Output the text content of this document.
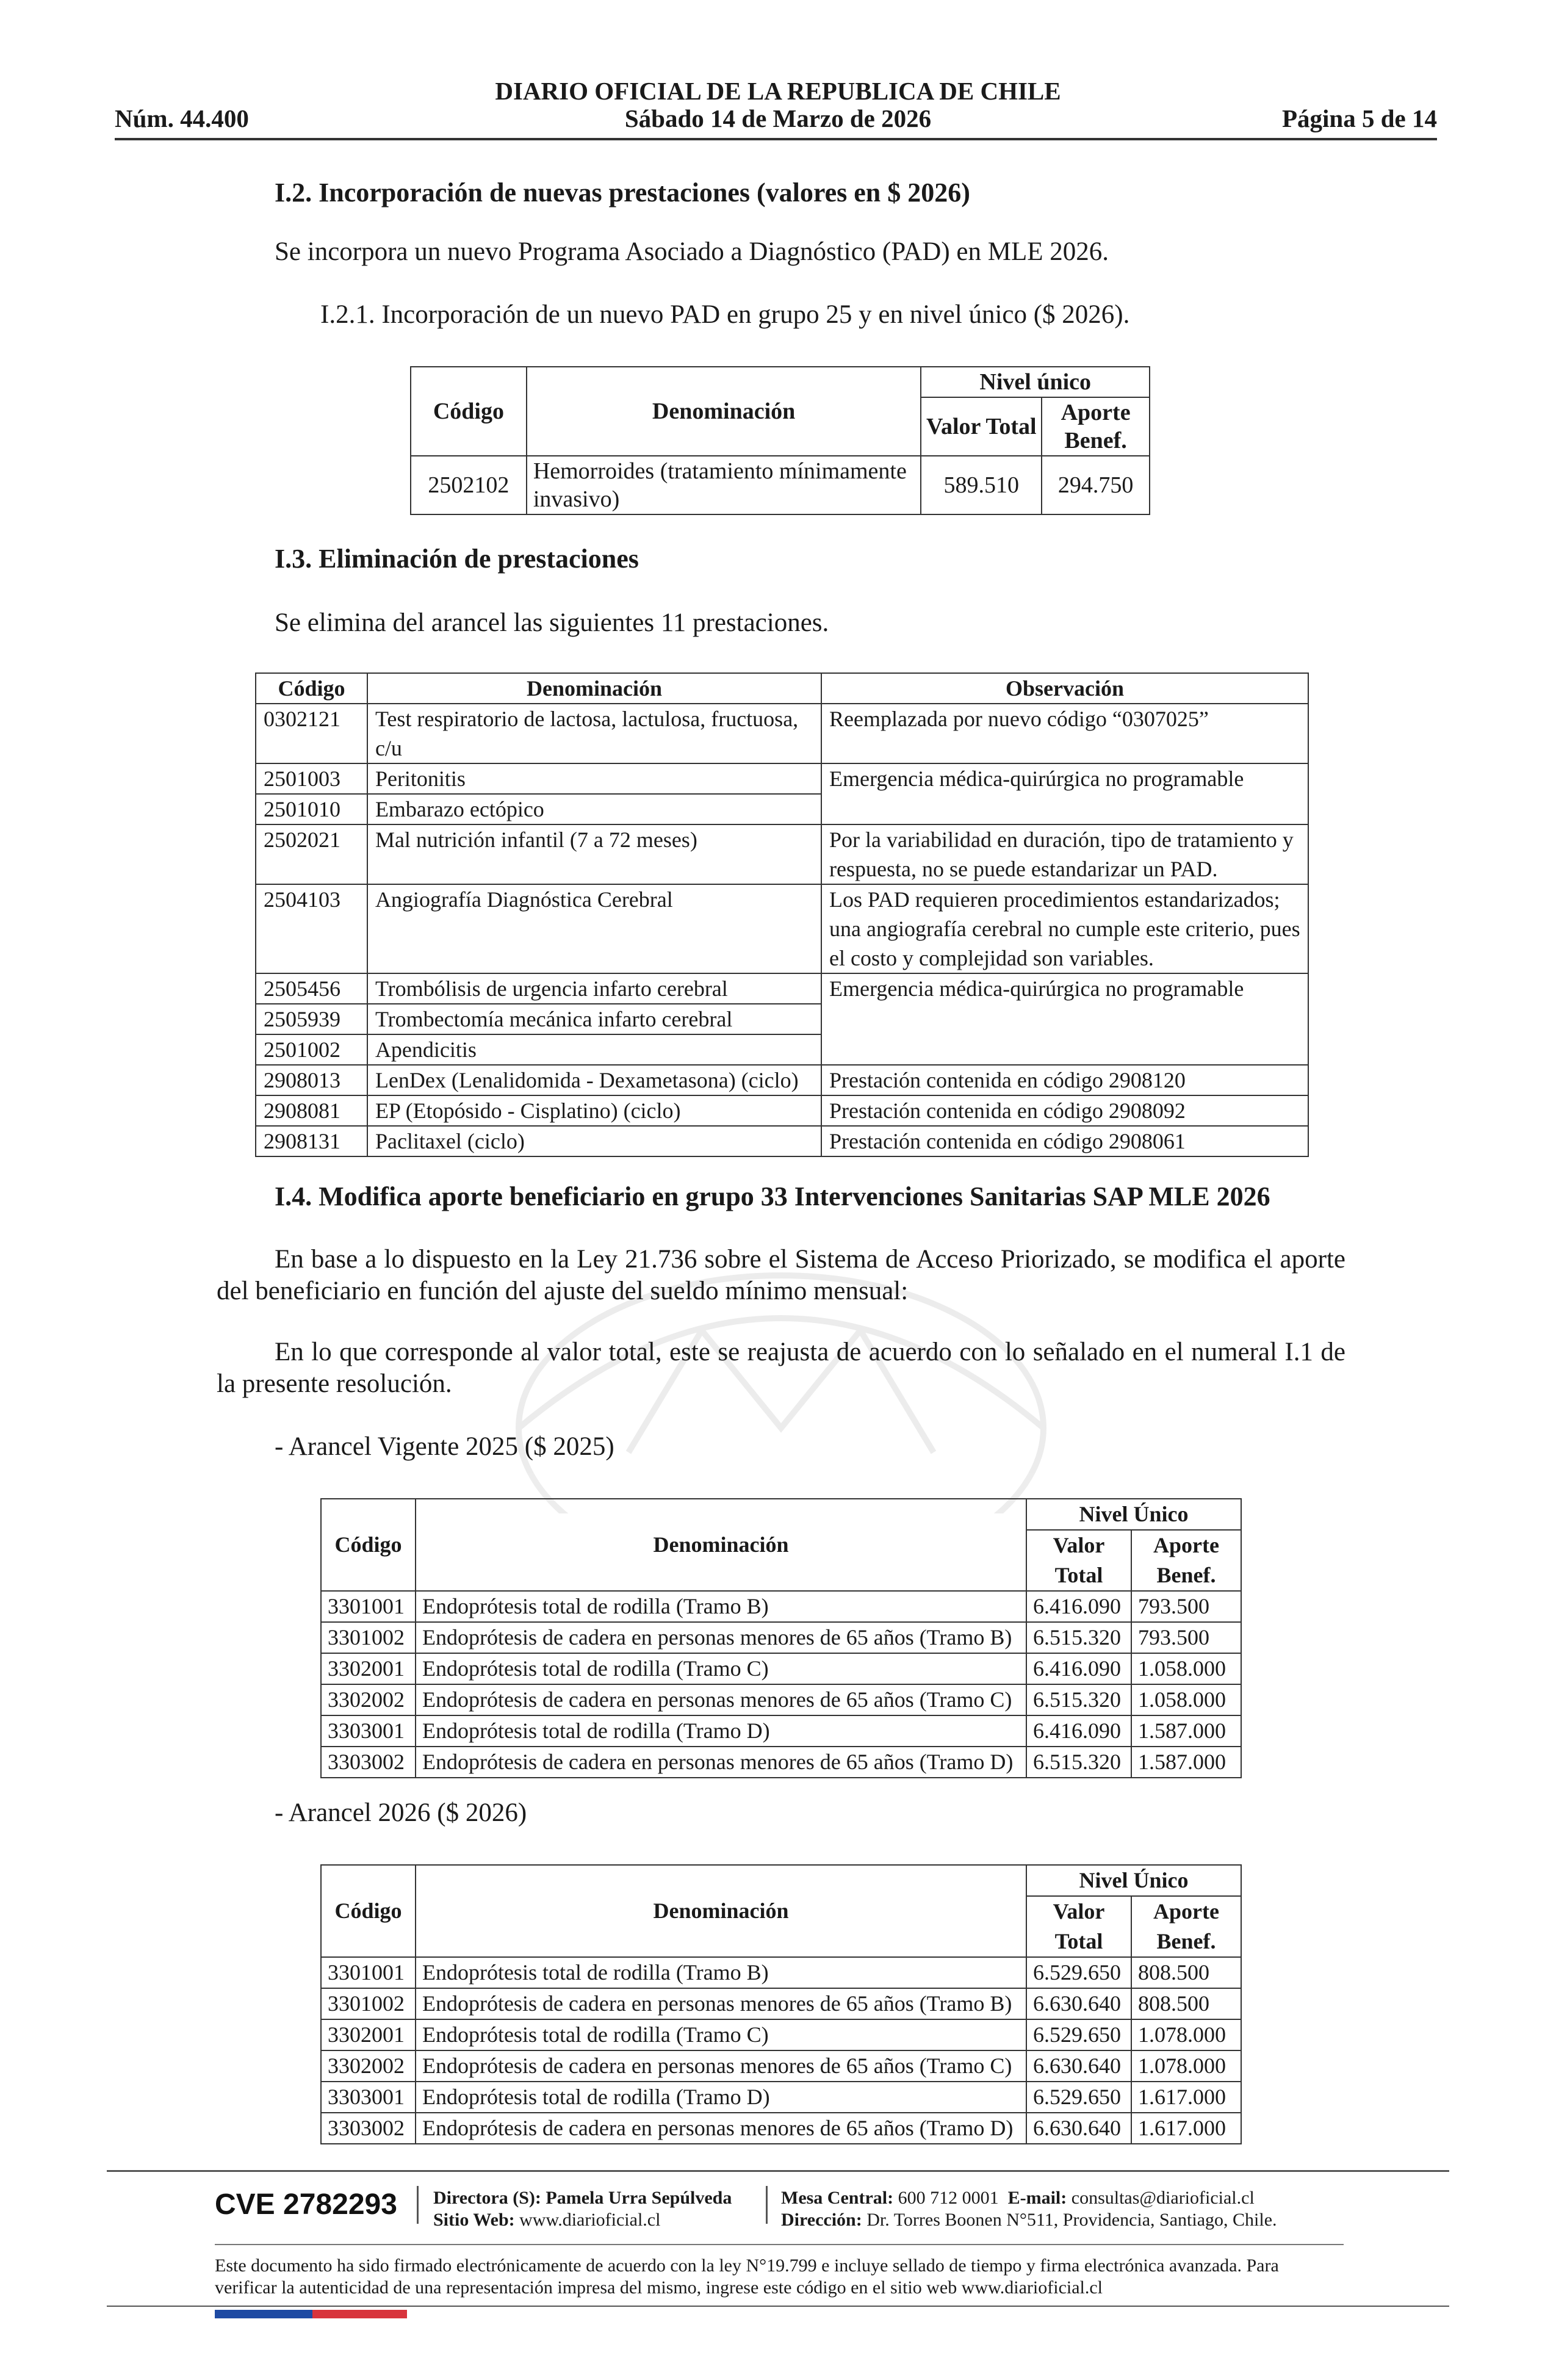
DIARIO OFICIAL DE LA REPUBLICA DE CHILE
Sábado 14 de Marzo de 2026
Núm. 44.400	Página 5 de 14
I.2. Incorporación de nuevas prestaciones (valores en $ 2026)
Se incorpora un nuevo Programa Asociado a Diagnóstico (PAD) en MLE 2026.
I.2.1. Incorporación de un nuevo PAD en grupo 25 y en nivel único ($ 2026).
Código	Denominación	Nivel único	
		Valor Total	Aporte Benef.
2502102	Hemorroides (tratamiento mínimamente invasivo)	589.510	294.750
I.3. Eliminación de prestaciones
Se elimina del arancel las siguientes 11 prestaciones.
Código	Denominación	Observación
0302121	Test respiratorio de lactosa, lactulosa, fructuosa, c/u	Reemplazada por nuevo código “0307025”
2501003	Peritonitis	Emergencia médica-quirúrgica no programable
2501010	Embarazo ectópico	
2502021	Mal nutrición infantil (7 a 72 meses)	Por la variabilidad en duración, tipo de tratamiento y respuesta, no se puede estandarizar un PAD.
2504103	Angiografía Diagnóstica Cerebral	Los PAD requieren procedimientos estandarizados; una angiografía cerebral no cumple este criterio, pues el costo y complejidad son variables.
2505456	Trombólisis de urgencia infarto cerebral	Emergencia médica-quirúrgica no programable
2505939	Trombectomía mecánica infarto cerebral	
2501002	Apendicitis	
2908013	LenDex (Lenalidomida - Dexametasona) (ciclo)	Prestación contenida en código 2908120
2908081	EP (Etopósido - Cisplatino) (ciclo)	Prestación contenida en código 2908092
2908131	Paclitaxel (ciclo)	Prestación contenida en código 2908061
I.4. Modifica aporte beneficiario en grupo 33 Intervenciones Sanitarias SAP MLE 2026
En base a lo dispuesto en la Ley 21.736 sobre el Sistema de Acceso Priorizado, se modifica el aporte del beneficiario en función del ajuste del sueldo mínimo mensual:
En lo que corresponde al valor total, este se reajusta de acuerdo con lo señalado en el numeral I.1 de la presente resolución.
- Arancel Vigente 2025 ($ 2025)
Código	Denominación	Nivel Único	
		Valor Total	Aporte Benef.
3301001	Endoprótesis total de rodilla (Tramo B)	6.416.090	793.500
3301002	Endoprótesis de cadera en personas menores de 65 años (Tramo B)	6.515.320	793.500
3302001	Endoprótesis total de rodilla (Tramo C)	6.416.090	1.058.000
3302002	Endoprótesis de cadera en personas menores de 65 años (Tramo C)	6.515.320	1.058.000
3303001	Endoprótesis total de rodilla (Tramo D)	6.416.090	1.587.000
3303002	Endoprótesis de cadera en personas menores de 65 años (Tramo D)	6.515.320	1.587.000
- Arancel 2026 ($ 2026)
Código	Denominación	Nivel Único	
		Valor Total	Aporte Benef.
3301001	Endoprótesis total de rodilla (Tramo B)	6.529.650	808.500
3301002	Endoprótesis de cadera en personas menores de 65 años (Tramo B)	6.630.640	808.500
3302001	Endoprótesis total de rodilla (Tramo C)	6.529.650	1.078.000
3302002	Endoprótesis de cadera en personas menores de 65 años (Tramo C)	6.630.640	1.078.000
3303001	Endoprótesis total de rodilla (Tramo D)	6.529.650	1.617.000
3303002	Endoprótesis de cadera en personas menores de 65 años (Tramo D)	6.630.640	1.617.000
CVE 2782293 Directora (S): Pamela Urra Sepúlveda
Sitio Web: www.diarioficial.cl
Mesa Central: 600 712 0001 E-mail: consultas@diarioficial.cl
Dirección: Dr. Torres Boonen N°511, Providencia, Santiago, Chile.
Este documento ha sido firmado electrónicamente de acuerdo con la ley N°19.799 e incluye sellado de tiempo y firma electrónica avanzada. Para verificar la autenticidad de una representación impresa del mismo, ingrese este código en el sitio web www.diarioficial.cl
